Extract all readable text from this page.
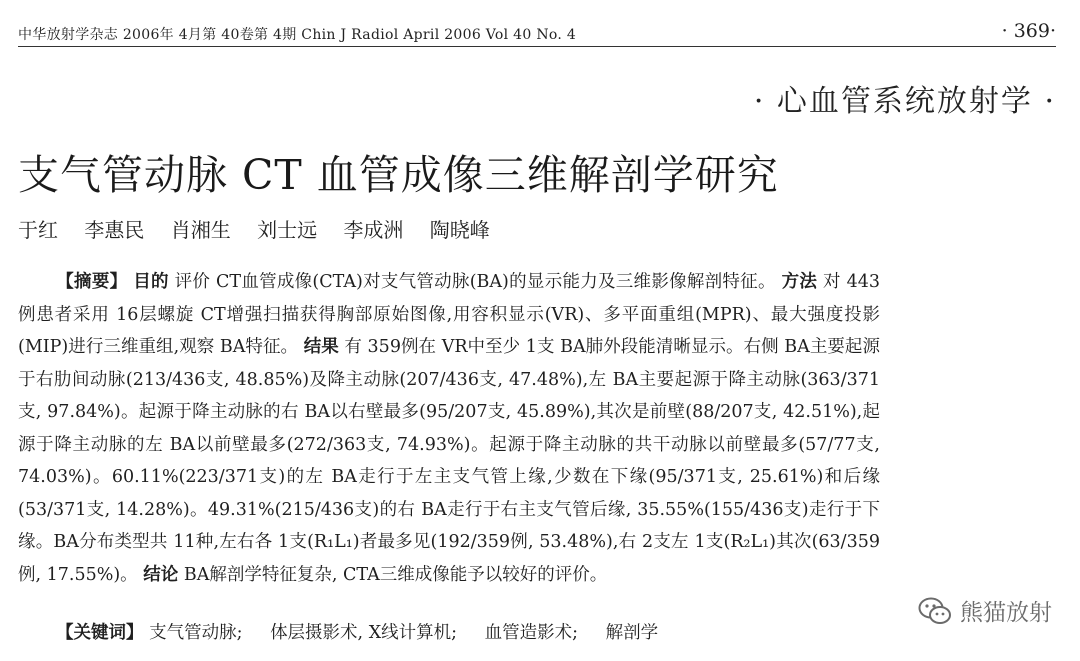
中华放射学杂志 2006年 4月第 40卷第 4期 Chin J Radiol April 2006 Vol 40 No. 4	· 369·
· 心血管系统放射学 ·
支气管动脉 CT 血管成像三维解剖学研究
于红 李惠民 肖湘生 刘士远 李成洲 陶晓峰
【摘要】 目的 评价 CT血管成像(CTA)对支气管动脉(BA)的显示能力及三维影像解剖特征。 方法 对 443例患者采用 16层螺旋 CT增强扫描获得胸部原始图像,用容积显示(VR)、多平面重组(MPR)、最大强度投影(MIP)进行三维重组,观察 BA特征。 结果 有 359例在 VR中至少 1支 BA肺外段能清晰显示。右侧 BA主要起源于右肋间动脉(213/436支, 48.85%)及降主动脉(207/436支, 47.48%),左 BA主要起源于降主动脉(363/371支, 97.84%)。起源于降主动脉的右 BA以右壁最多(95/207支, 45.89%),其次是前壁(88/207支, 42.51%),起源于降主动脉的左 BA以前壁最多(272/363支, 74.93%)。起源于降主动脉的共干动脉以前壁最多(57/77支, 74.03%)。60.11%(223/371支)的左 BA走行于左主支气管上缘,少数在下缘(95/371支, 25.61%)和后缘(53/371支, 14.28%)。49.31%(215/436支)的右 BA走行于右主支气管后缘, 35.55%(155/436支)走行于下缘。BA分布类型共 11种,左右各 1支(R₁L₁)者最多见(192/359例, 53.48%),右 2支左 1支(R₂L₁)其次(63/359例, 17.55%)。 结论 BA解剖学特征复杂, CTA三维成像能予以较好的评价。
【关键词】 支气管动脉; 体层摄影术, X线计算机; 血管造影术; 解剖学
熊猫放射
